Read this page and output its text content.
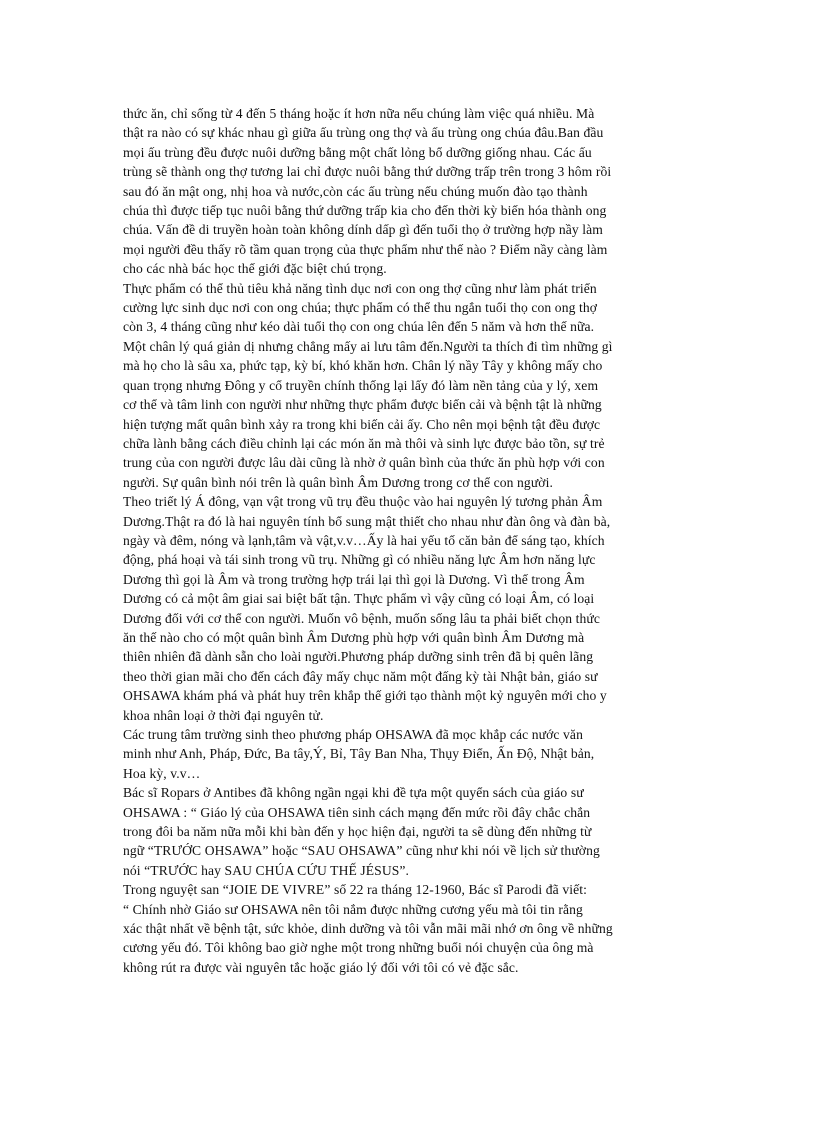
thức ăn, chỉ sống từ 4 đến 5 tháng hoặc ít hơn nữa nếu chúng làm việc quá nhiều. Mà
thật ra nào có sự khác nhau gì giữa ấu trùng ong thợ và ấu trùng ong chúa đâu.Ban đầu
mọi ấu trùng đều được nuôi dưỡng bằng một chất lỏng bổ dưỡng giống nhau. Các ấu
trùng sẽ thành ong thợ tương lai chỉ được nuôi bằng thứ dưỡng trấp trên trong 3 hôm rồi
sau đó ăn mật ong, nhị hoa và nước,còn các ấu trùng nếu chúng muốn đào tạo thành
chúa thì được tiếp tục nuôi bằng thứ dưỡng trấp kia cho đến thời kỳ biến hóa thành ong
chúa. Vấn đề di truyền hoàn toàn không dính dấp gì đến tuổi thọ ở trường hợp nầy làm
mọi người đều thấy rõ tầm quan trọng của thực phẩm như thế nào ? Điểm nầy càng làm
cho các nhà bác học thế giới đặc biệt chú trọng.
Thực phẩm có thể thủ tiêu khả năng tình dục nơi con ong thợ cũng như làm phát triển
cường lực sinh dục nơi con ong chúa; thực phẩm có thể thu ngắn tuổi thọ con ong thợ
còn 3, 4 tháng cũng như kéo dài tuổi thọ con ong chúa lên đến 5 năm và hơn thế nữa.
Một chân lý quá giản dị nhưng chẳng mấy ai lưu tâm đến.Người ta thích đi tìm những gì
mà họ cho là sâu xa, phức tạp, kỳ bí, khó khăn hơn. Chân lý nầy Tây y không mấy cho
quan trọng nhưng Đông y cổ truyền chính thống lại lấy đó làm nền tảng của y lý, xem
cơ thể và tâm linh con người như những thực phẩm được biến cải và bệnh tật là những
hiện tượng mất quân bình xảy ra trong khi biến cải ấy. Cho nên mọi bệnh tật đều được
chữa lành bằng cách điều chỉnh lại các món ăn mà thôi và sinh lực được bảo tồn, sự trẻ
trung của con người được lâu dài cũng là nhờ ở quân bình của thức ăn phù hợp với con
người. Sự quân bình nói trên là quân bình Âm Dương trong cơ thể con người.
Theo triết lý Á đông, vạn vật trong vũ trụ đều thuộc vào hai nguyên lý tương phản Âm
Dương.Thật ra đó là hai nguyên tính bổ sung mật thiết cho nhau như đàn ông và đàn bà,
ngày và đêm, nóng và lạnh,tâm và vật,v.v…Ấy là hai yếu tố căn bản để sáng tạo, khích
động, phá hoại và tái sinh trong vũ trụ. Những gì có nhiều năng lực Âm hơn năng lực
Dương thì gọi là Âm và trong trường hợp trái lại thì gọi là Dương. Vì thế trong Âm
Dương có cả một âm giai sai biệt bất tận. Thực phẩm vì vậy cũng có loại Âm, có loại
Dương đối với cơ thể con người. Muốn vô bệnh, muốn sống lâu ta phải biết chọn thức
ăn thế nào cho có một quân bình Âm Dương phù hợp với quân bình Âm Dương mà
thiên nhiên đã dành sẵn cho loài người.Phương pháp dưỡng sinh trên đã bị quên lãng
theo thời gian mãi cho đến cách đây mấy chục năm một đấng kỳ tài Nhật bản, giáo sư
OHSAWA khám phá và phát huy trên khắp thế giới tạo thành một kỷ nguyên mới cho y
khoa nhân loại ở thời đại nguyên tử.
Các trung tâm trường sinh theo phương pháp OHSAWA đã mọc khắp các nước văn
minh như Anh, Pháp, Đức, Ba tây,Ý, Bỉ, Tây Ban Nha, Thụy Điển, Ấn Độ, Nhật bản,
Hoa kỳ, v.v…
Bác sĩ Ropars ở Antibes đã không ngần ngại khi đề tựa một quyển sách của giáo sư
OHSAWA : “ Giáo lý của OHSAWA tiên sinh cách mạng đến mức rồi đây chắc chắn
trong đôi ba năm nữa mỗi khi bàn đến y học hiện đại, người ta sẽ dùng đến những từ
ngữ “TRƯỚC OHSAWA” hoặc “SAU OHSAWA” cũng như khi nói về lịch sử thường
nói “TRƯỚC hay SAU CHÚA CỨU THẾ JÉSUS”.
Trong nguyệt san “JOIE DE VIVRE” số 22 ra tháng 12-1960, Bác sĩ Parodi đã viết:
“ Chính nhờ Giáo sư OHSAWA nên tôi nắm được những cương yếu mà tôi tin rằng
xác thật nhất về bệnh tật, sức khỏe, dinh dưỡng và tôi vẫn mãi mãi nhớ ơn ông về những
cương yếu đó. Tôi không bao giờ nghe một trong những buổi nói chuyện của ông mà
không rút ra được vài nguyên tắc hoặc giáo lý đối với tôi có vẻ đặc sắc.
